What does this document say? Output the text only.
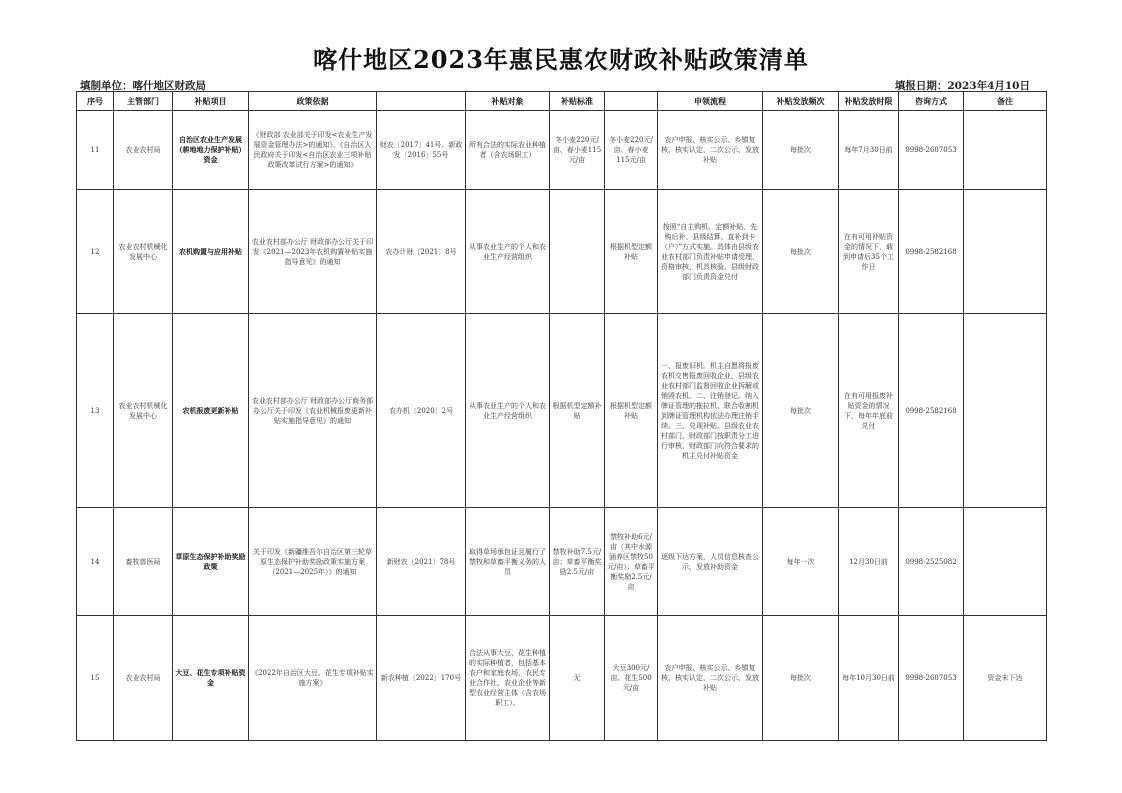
喀什地区2023年惠民惠农财政补贴政策清单
填制单位：喀什地区财政局	填报日期：2023年4月10日
序号	主管部门	补贴项目	政策依据		补贴对象	补贴标准		申领流程	补贴发放频次	补贴发放时限	咨询方式	备注
11	农业农村局	自治区农业生产发展（耕地地力保护补贴）资金	《财政部 农业部关于印发<农业生产发展资金管理办法>的通知》、《自治区人民政府关于印发<自治区农业三项补贴政策改革试行方案>的通知》	财农〔2017〕41号、新政发〔2016〕55号	所有合法的实际农业种植者（含农场职工）	冬小麦220元/亩、春小麦115元/亩	冬小麦220元/亩、春小麦115元/亩	农户申报、核实公示、乡镇复核、核实认定、二次公示、发放补贴	每批次	每年7月30日前	0998-2607053	
12	农业农村机械化发展中心	农机购置与应用补贴	农业农村部办公厅 财政部办公厅关于印发《2021—2023年农机购置补贴实施指导意见》的通知	农办计财〔2021〕8号	从事农业生产的个人和农业生产经营组织		根据机型定额补贴	按照“自主购机、定额补贴、先购后补、县级结算、直补到卡（户）”方式实施。具体由县级农业农村部门负责补贴申请受理、资格审核、机具核验，县级财政部门负责资金兑付	每批次	在有可用补贴资金的情况下，载到申请后35个工作日	0998-2582168	
13	农业农村机械化发展中心	农机报废更新补贴	农业农村部办公厅 财政部办公厅商务部办公厅关于印发《农业机械报废更新补贴实施指导意见》的通知	农办机〔2020〕2号	从事农业生产的个人和农业生产经营组织	根据机型定额补贴	根据机型定额补贴	一、报废旧机。机主自愿将报废农机交售报废回收企业，县级农业农村部门监督回收企业拆解或销毁农机。二、注销登记。纳入牌证管理的拖拉机、联合收割机到牌证管理机构依法办理注销手续。三、兑现补贴。县级农业农村部门、财政部门按职责分工进行审核，财政部门向符合要求的机主兑付补贴资金	每批次	在有可用报废补贴资金的情况下，每年年底前兑付	0998-2582168	
14	畜牧兽医局	草原生态保护补助奖励政策	关于印发《新疆维吾尔自治区第三轮草原生态保护补助奖励政策实施方案（2021—2025年）》的通知	新财农〔2021〕78号	取得草场承包证且履行了禁牧和草畜平衡义务的人员	禁牧补助7.5元/亩；草畜平衡奖励2.5元/亩	禁牧补助6元/亩（其中水源涵养区禁牧50元/亩）；草畜平衡奖励2.5元/亩	逐级下达方案，人员信息核查公示，发放补助资金	每年一次	12月30日前	0998-2525082	
15	农业农村局	大豆、花生专项补贴资金	《2022年自治区大豆、花生专项补贴实施方案》	新农种植〔2022〕170号	合法从事大豆、花生种植的实际种植者，包括基本农户和家庭农场，农民专业合作社，农业企业等新型农业经营主体（含农场职工）。	无	大豆300元/亩、花生500元/亩	农户申报、核实公示、乡镇复核、核实认定、二次公示、发放补贴	每批次	每年10月30日前	0998-2607053	资金未下达
